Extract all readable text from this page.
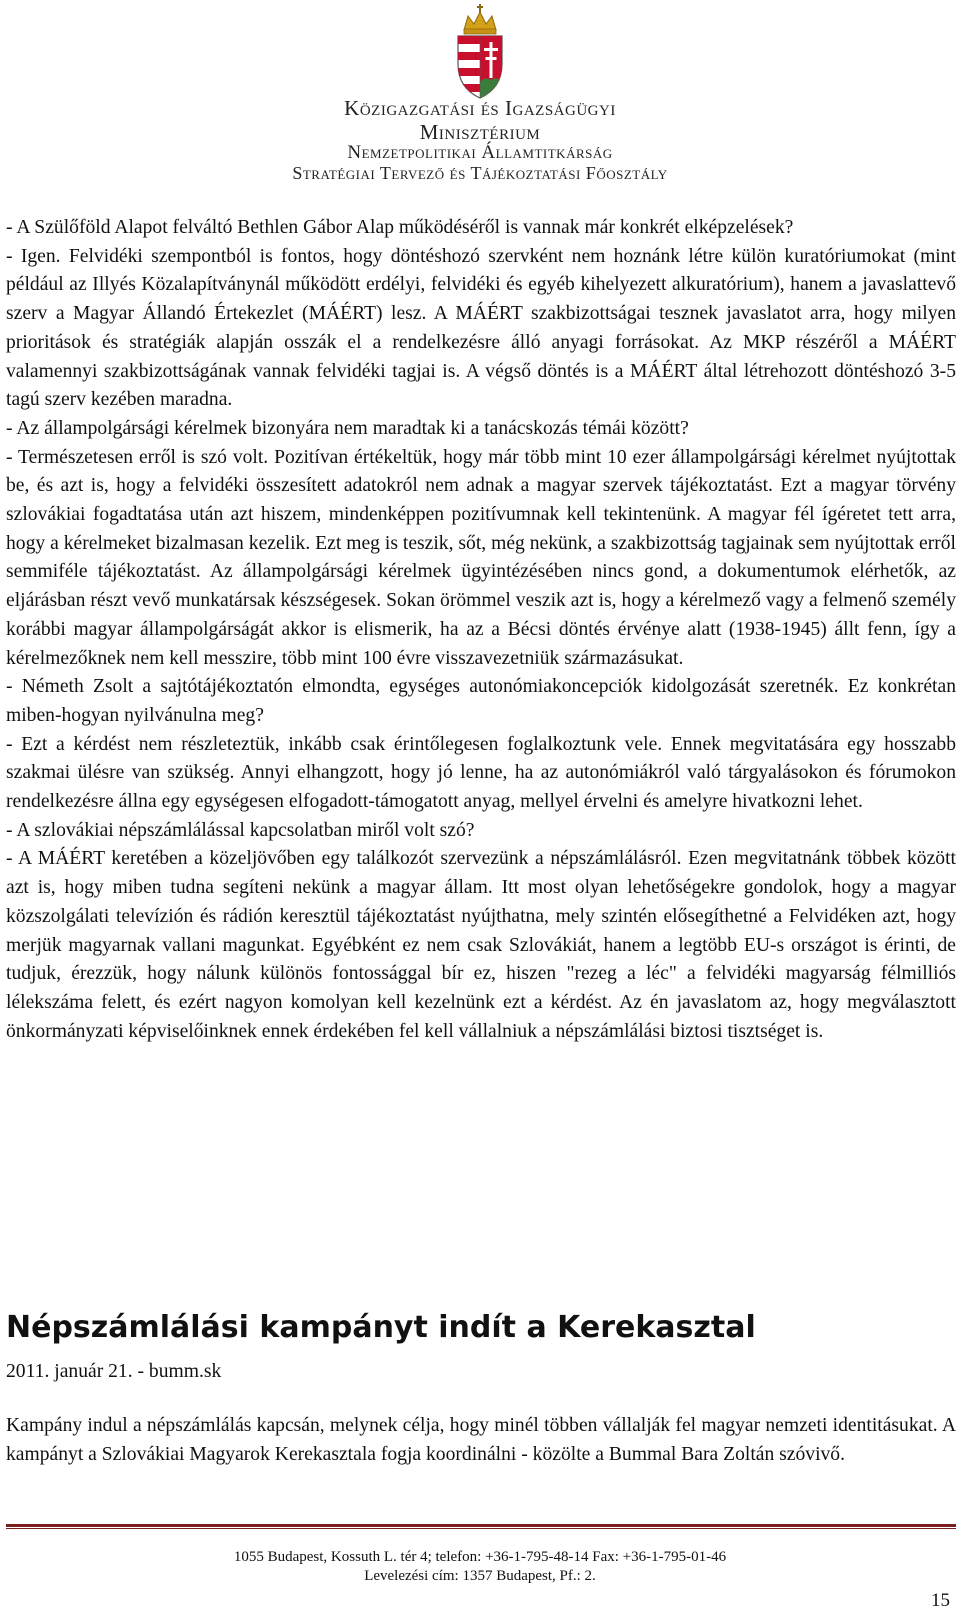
Közigazgatási és Igazságügyi
Minisztérium
Nemzetpolitikai Államtitkárság
Stratégiai Tervező és Tájékoztatási Főosztály

- A Szülőföld Alapot felváltó Bethlen Gábor Alap működéséről is vannak már konkrét elképzelések?

- Igen. Felvidéki szempontból is fontos, hogy döntéshozó szervként nem hoznánk létre külön kuratóriumokat (mint például az Illyés Közalapítványnál működött erdélyi, felvidéki és egyéb kihelyezett alkuratórium), hanem a javaslattevő szerv a Magyar Állandó Értekezlet (MÁÉRT) lesz. A MÁÉRT szakbizottságai tesznek javaslatot arra, hogy milyen prioritások és stratégiák alapján osszák el a rendelkezésre álló anyagi forrásokat. Az MKP részéről a MÁÉRT valamennyi szakbizottságának vannak felvidéki tagjai is. A végső döntés is a MÁÉRT által létrehozott döntéshozó 3-5 tagú szerv kezében maradna.

- Az állampolgársági kérelmek bizonyára nem maradtak ki a tanácskozás témái között?

- Természetesen erről is szó volt. Pozitívan értékeltük, hogy már több mint 10 ezer állampolgársági kérelmet nyújtottak be, és azt is, hogy a felvidéki összesített adatokról nem adnak a magyar szervek tájékoztatást. Ezt a magyar törvény szlovákiai fogadtatása után azt hiszem, mindenképpen pozitívumnak kell tekintenünk. A magyar fél ígéretet tett arra, hogy a kérelmeket bizalmasan kezelik. Ezt meg is teszik, sőt, még nekünk, a szakbizottság tagjainak sem nyújtottak erről semmiféle tájékoztatást. Az állampolgársági kérelmek ügyintézésében nincs gond, a dokumentumok elérhetők, az eljárásban részt vevő munkatársak készségesek. Sokan örömmel veszik azt is, hogy a kérelmező vagy a felmenő személy korábbi magyar állampolgárságát akkor is elismerik, ha az a Bécsi döntés érvénye alatt (1938-1945) állt fenn, így a kérelmezőknek nem kell messzire, több mint 100 évre visszavezetniük származásukat.

- Németh Zsolt a sajtótájékoztatón elmondta, egységes autonómiakoncepciók kidolgozását szeretnék. Ez konkrétan miben-hogyan nyilvánulna meg?

- Ezt a kérdést nem részleteztük, inkább csak érintőlegesen foglalkoztunk vele. Ennek megvitatására egy hosszabb szakmai ülésre van szükség. Annyi elhangzott, hogy jó lenne, ha az autonómiákról való tárgyalásokon és fórumokon rendelkezésre állna egy egységesen elfogadott-támogatott anyag, mellyel érvelni és amelyre hivatkozni lehet.

- A szlovákiai népszámlálással kapcsolatban miről volt szó?

- A MÁÉRT keretében a közeljövőben egy találkozót szervezünk a népszámlálásról. Ezen megvitatnánk többek között azt is, hogy miben tudna segíteni nekünk a magyar állam. Itt most olyan lehetőségekre gondolok, hogy a magyar közszolgálati televízión és rádión keresztül tájékoztatást nyújthatna, mely szintén elősegíthetné a Felvidéken azt, hogy merjük magyarnak vallani magunkat. Egyébként ez nem csak Szlovákiát, hanem a legtöbb EU-s országot is érinti, de tudjuk, érezzük, hogy nálunk különös fontossággal bír ez, hiszen "rezeg a léc" a felvidéki magyarság félmilliós lélekszáma felett, és ezért nagyon komolyan kell kezelnünk ezt a kérdést. Az én javaslatom az, hogy megválasztott önkormányzati képviselőinknek ennek érdekében fel kell vállalniuk a népszámlálási biztosi tisztséget is.

Népszámlálási kampányt indít a Kerekasztal
2011. január 21. - bumm.sk

Kampány indul a népszámlálás kapcsán, melynek célja, hogy minél többen vállalják fel magyar nemzeti identitásukat. A kampányt a Szlovákiai Magyarok Kerekasztala fogja koordinálni - közölte a Bummal Bara Zoltán szóvivő.

1055 Budapest, Kossuth L. tér 4; telefon: +36-1-795-48-14 Fax: +36-1-795-01-46
Levelezési cím: 1357 Budapest, Pf.: 2.
15
